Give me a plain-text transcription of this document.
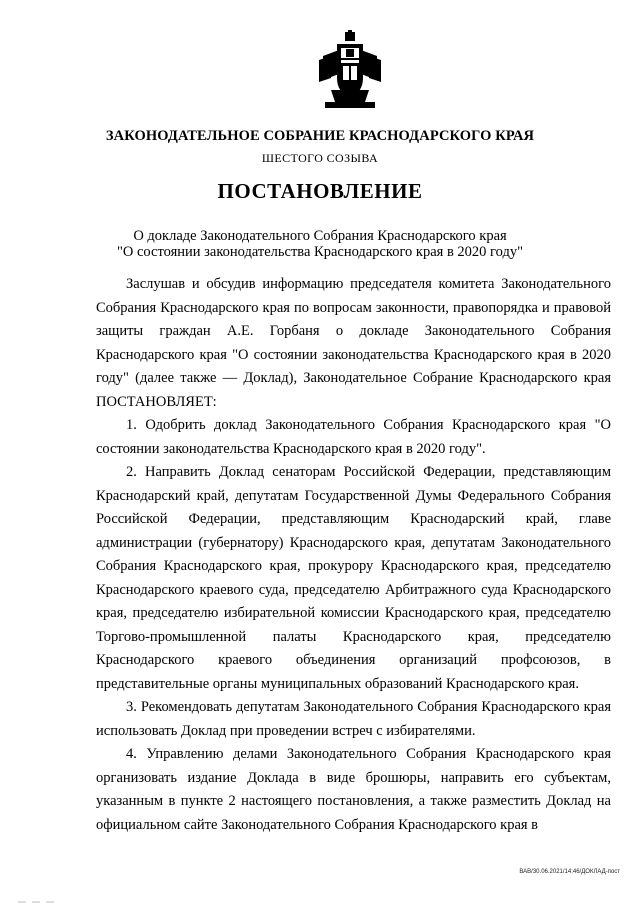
ЗАКОНОДАТЕЛЬНОЕ СОБРАНИЕ КРАСНОДАРСКОГО КРАЯ
ШЕСТОГО СОЗЫВА
ПОСТАНОВЛЕНИЕ
О докладе Законодательного Собрания Краснодарского края
"О состоянии законодательства Краснодарского края в 2020 году"

Заслушав и обсудив информацию председателя комитета Законодательного Собрания Краснодарского края по вопросам законности, правопорядка и правовой защиты граждан А.Е. Горбаня о докладе Законодательного Собрания Краснодарского края "О состоянии законодательства Краснодарского края в 2020 году" (далее также — Доклад), Законодательное Собрание Краснодарского края ПОСТАНОВЛЯЕТ:

1. Одобрить доклад Законодательного Собрания Краснодарского края "О состоянии законодательства Краснодарского края в 2020 году".

2. Направить Доклад сенаторам Российской Федерации, представляющим Краснодарский край, депутатам Государственной Думы Федерального Собрания Российской Федерации, представляющим Краснодарский край, главе администрации (губернатору) Краснодарского края, депутатам Законодательного Собрания Краснодарского края, прокурору Краснодарского края, председателю Краснодарского краевого суда, председателю Арбитражного суда Краснодарского края, председателю избирательной комиссии Краснодарского края, председателю Торгово-промышленной палаты Краснодарского края, председателю Краснодарского краевого объединения организаций профсоюзов, в представительные органы муниципальных образований Краснодарского края.

3. Рекомендовать депутатам Законодательного Собрания Краснодарского края использовать Доклад при проведении встреч с избирателями.

4. Управлению делами Законодательного Собрания Краснодарского края организовать издание Доклада в виде брошюры, направить его субъектам, указанным в пункте 2 настоящего постановления, а также разместить Доклад на официальном сайте Законодательного Собрания Краснодарского края в

ВАВ/30.06.2021/14:46/ДОКЛАД-пост
